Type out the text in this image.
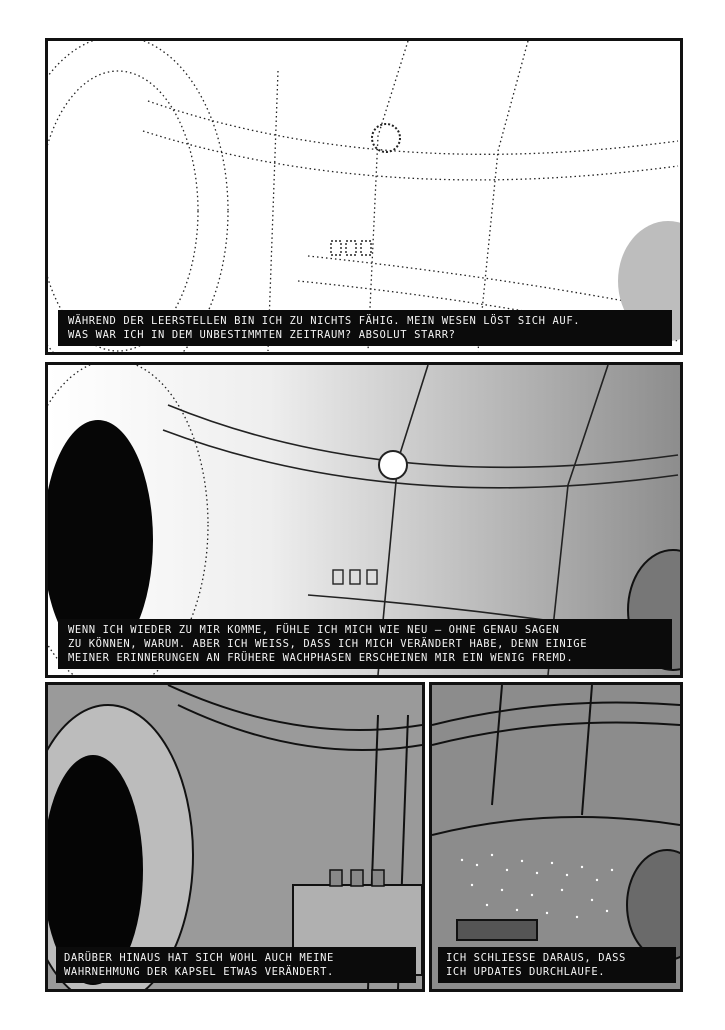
WÄHREND DER LEERSTELLEN BIN ICH ZU NICHTS FÄHIG. MEIN WESEN LÖST SICH AUF.
WAS WAR ICH IN DEM UNBESTIMMTEN ZEITRAUM? ABSOLUT STARR?
WENN ICH WIEDER ZU MIR KOMME, FÜHLE ICH MICH WIE NEU – OHNE GENAU SAGEN
ZU KÖNNEN, WARUM. ABER ICH WEISS, DASS ICH MICH VERÄNDERT HABE, DENN EINIGE
MEINER ERINNERUNGEN AN FRÜHERE WACHPHASEN ERSCHEINEN MIR EIN WENIG FREMD.
DARÜBER HINAUS HAT SICH WOHL AUCH MEINE
WAHRNEHMUNG DER KAPSEL ETWAS VERÄNDERT.
ICH SCHLIESSE DARAUS, DASS
ICH UPDATES DURCHLAUFE.
